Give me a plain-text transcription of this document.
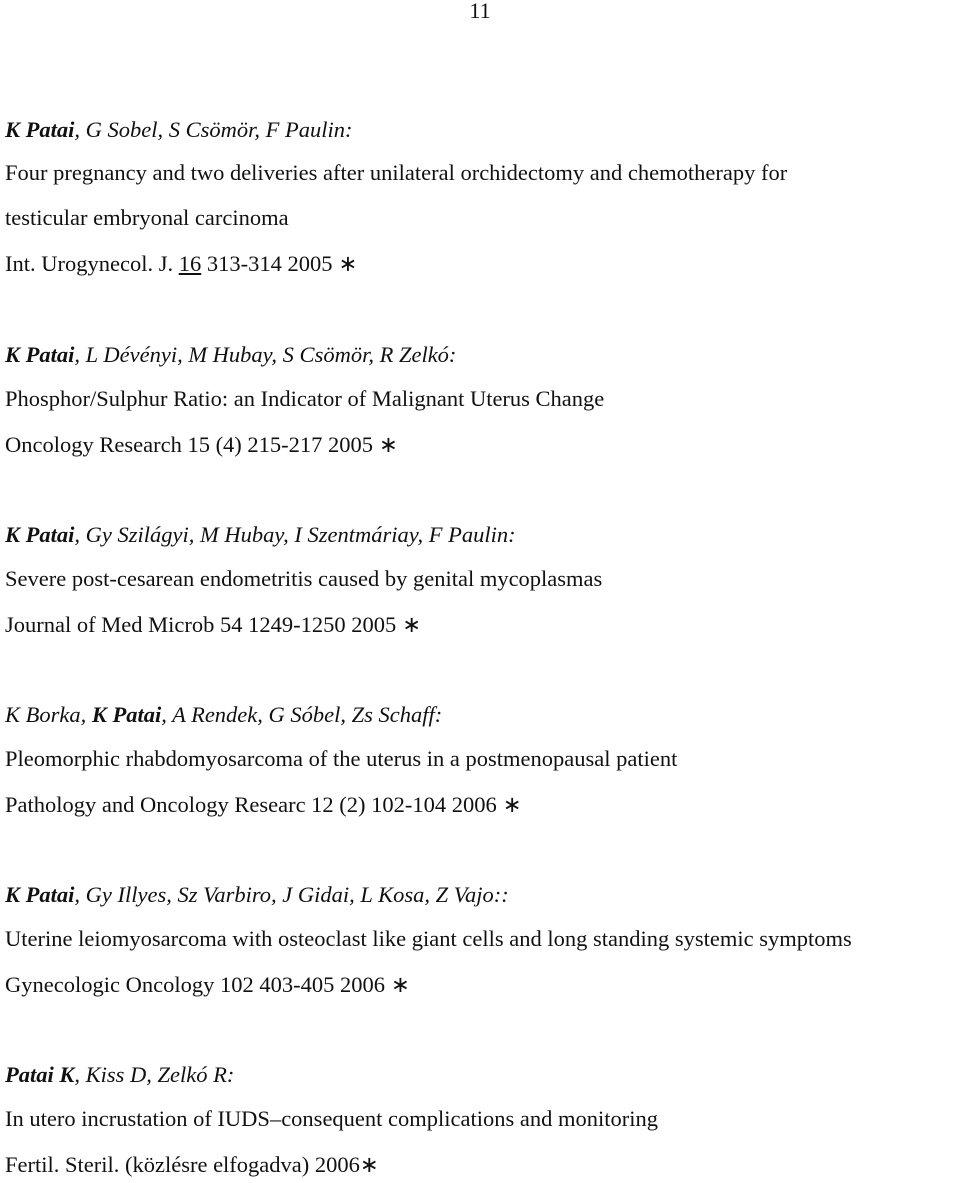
11
K Patai, G Sobel, S Csömör, F Paulin:
Four pregnancy and two deliveries after unilateral orchidectomy and chemotherapy for
testicular embryonal carcinoma
Int. Urogynecol. J. 16 313-314 2005 ∗
K Patai, L Dévényi, M Hubay, S Csömör, R Zelkó:
Phosphor/Sulphur Ratio: an Indicator of Malignant Uterus Change
Oncology Research 15 (4) 215-217 2005 ∗
K Patai, Gy Szilágyi, M Hubay, I Szentmáriay, F Paulin:
Severe post-cesarean endometritis caused by genital mycoplasmas
Journal of Med Microb 54 1249-1250 2005 ∗
K Borka, K Patai, A Rendek, G Sóbel, Zs Schaff:
Pleomorphic rhabdomyosarcoma of the uterus in a postmenopausal patient
Pathology and Oncology Researc 12 (2) 102-104 2006 ∗
K Patai, Gy Illyes, Sz Varbiro, J Gidai, L Kosa, Z Vajo::
Uterine leiomyosarcoma with osteoclast like giant cells and long standing systemic symptoms
Gynecologic Oncology 102 403-405 2006 ∗
Patai K, Kiss D, Zelkó R:
In utero incrustation of IUDS–consequent complications and monitoring
Fertil. Steril. (közlésre elfogadva) 2006∗
